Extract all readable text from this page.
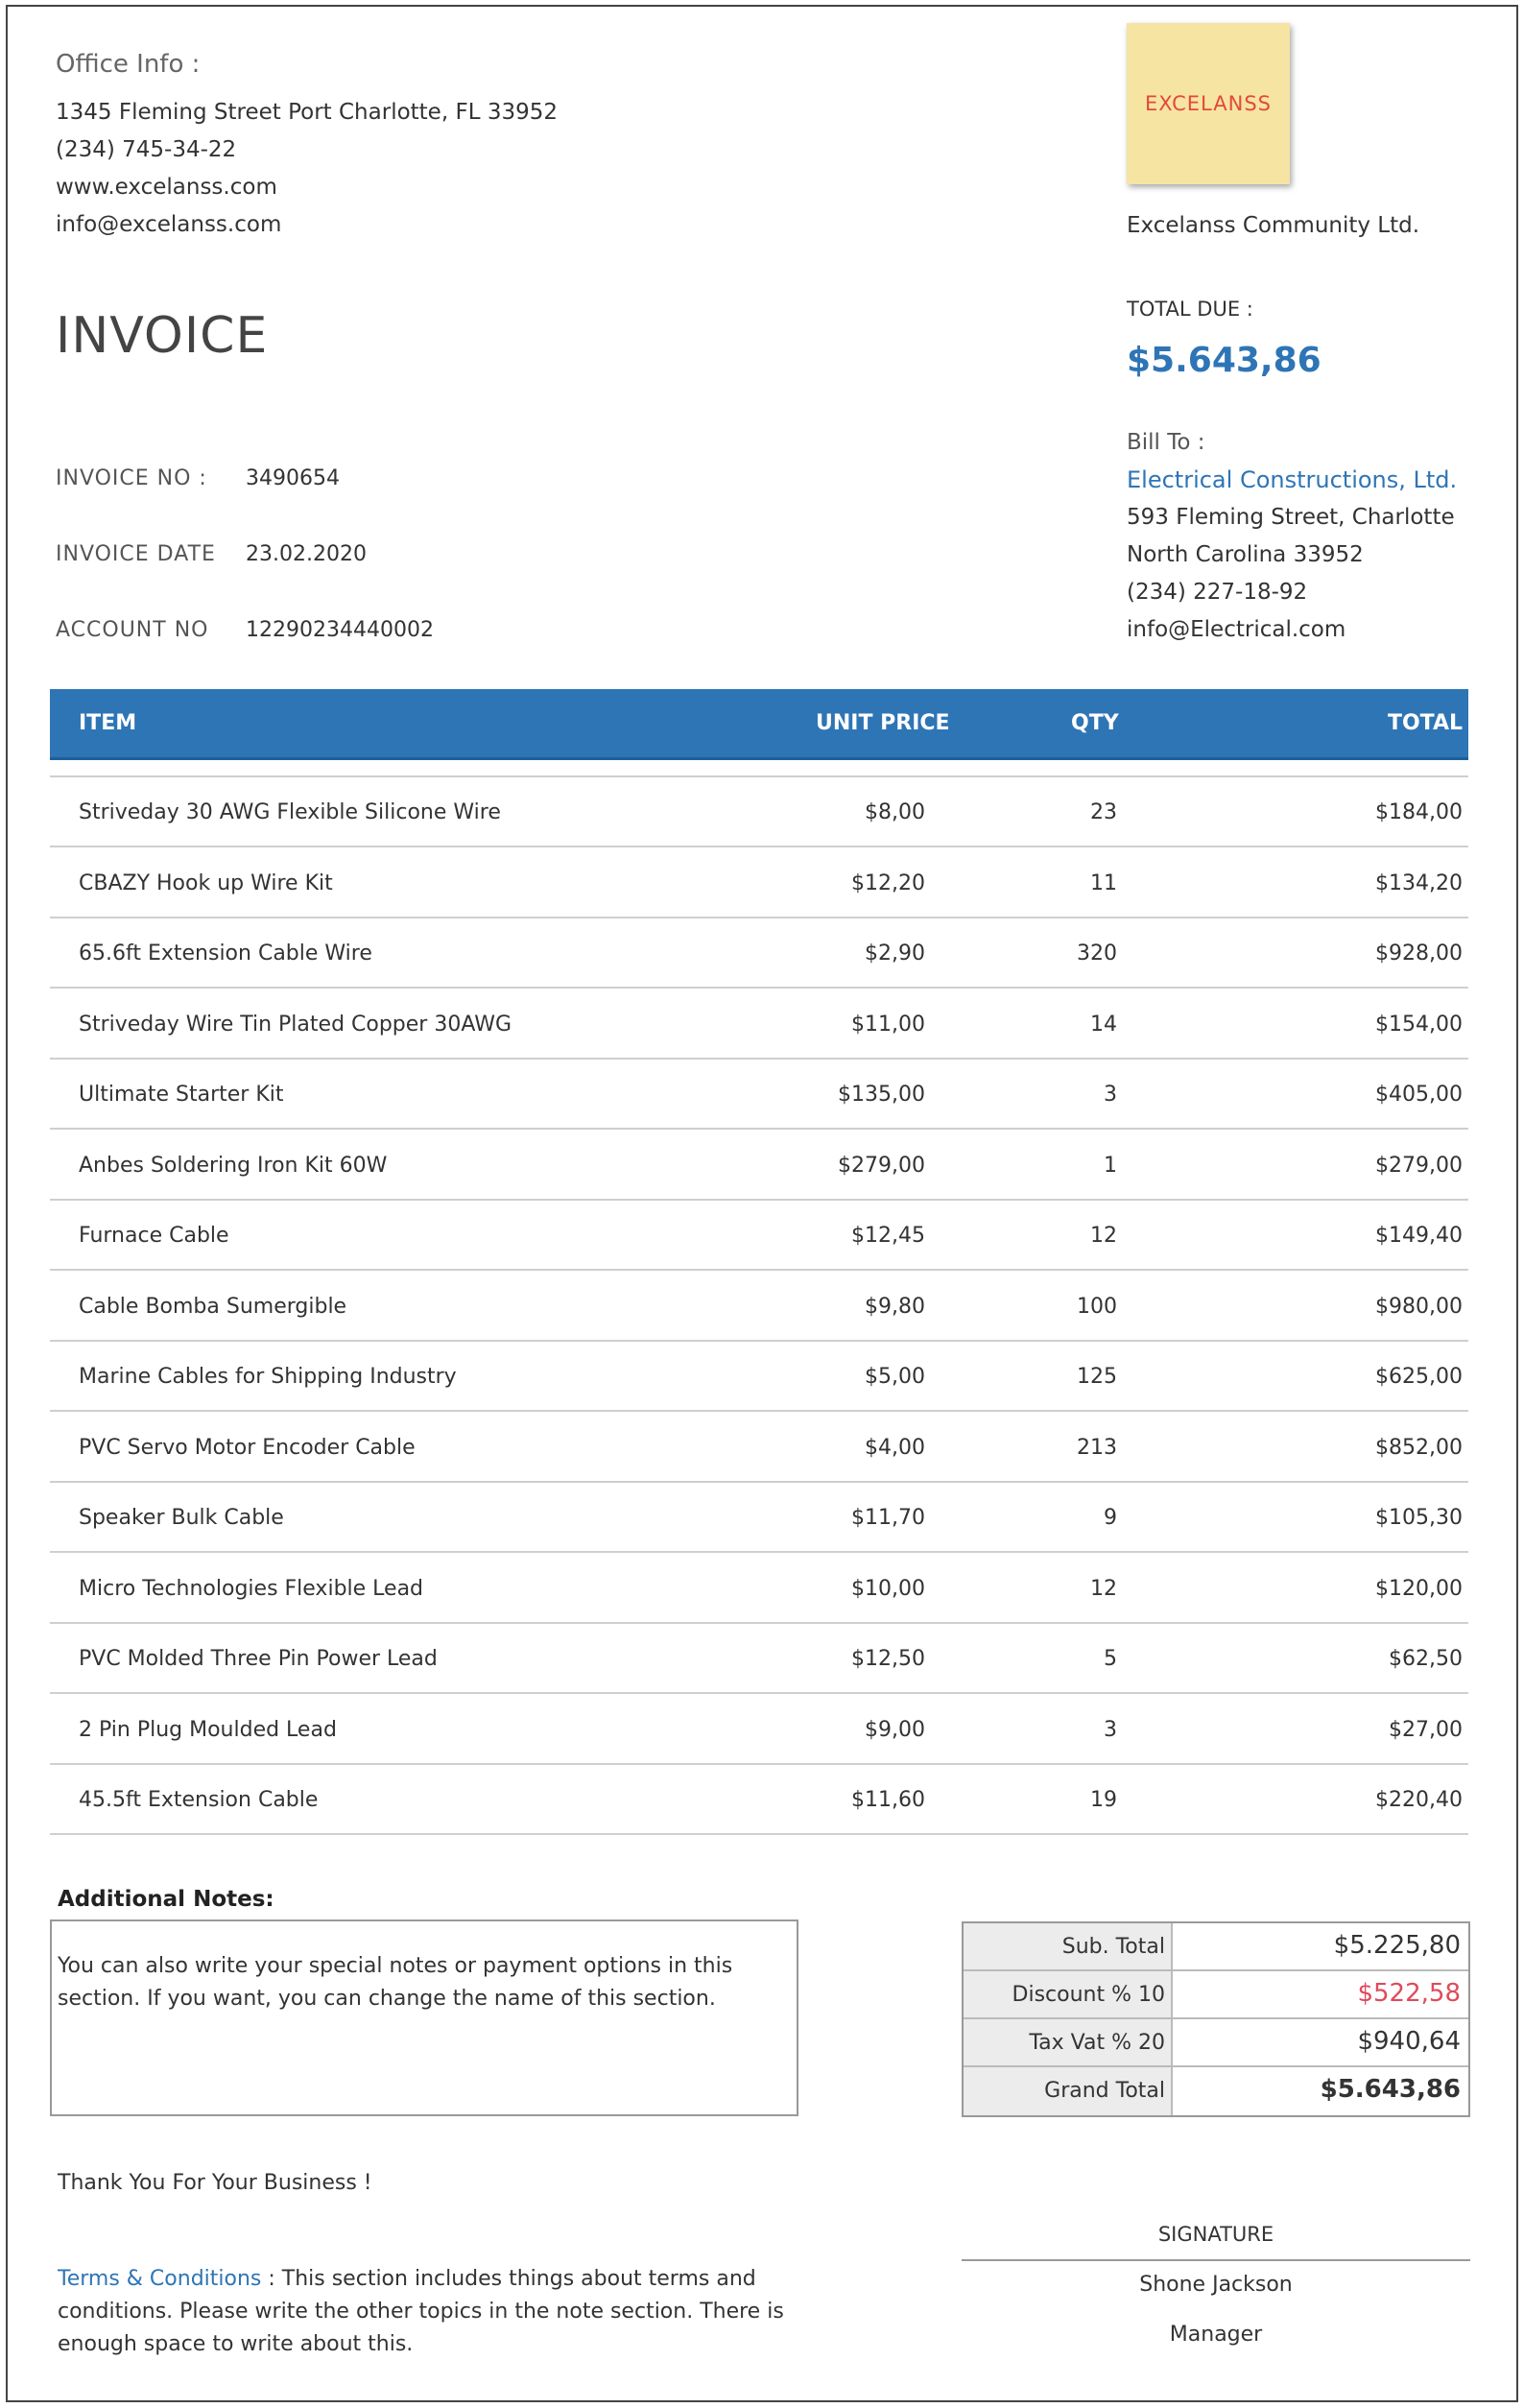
Office Info :
1345 Fleming Street Port Charlotte, FL 33952
(234) 745-34-22
www.excelanss.com
info@excelanss.com
EXCELANSS
Excelanss Community Ltd.
INVOICE	TOTAL DUE :
$5.643,86
INVOICE NO : 3490654
INVOICE DATE 23.02.2020
ACCOUNT NO 12290234440002
Bill To :
Electrical Constructions, Ltd.
593 Fleming Street, Charlotte
North Carolina 33952
(234) 227-18-92
info@Electrical.com
ITEM	UNIT PRICE	QTY	TOTAL
Striveday 30 AWG Flexible Silicone Wire	$8,00	23	$184,00
CBAZY Hook up Wire Kit	$12,20	11	$134,20
65.6ft Extension Cable Wire	$2,90	320	$928,00
Striveday Wire Tin Plated Copper 30AWG	$11,00	14	$154,00
Ultimate Starter Kit	$135,00	3	$405,00
Anbes Soldering Iron Kit 60W	$279,00	1	$279,00
Furnace Cable	$12,45	12	$149,40
Cable Bomba Sumergible	$9,80	100	$980,00
Marine Cables for Shipping Industry	$5,00	125	$625,00
PVC Servo Motor Encoder Cable	$4,00	213	$852,00
Speaker Bulk Cable	$11,70	9	$105,30
Micro Technologies Flexible Lead	$10,00	12	$120,00
PVC Molded Three Pin Power Lead	$12,50	5	$62,50
2 Pin Plug Moulded Lead	$9,00	3	$27,00
45.5ft Extension Cable	$11,60	19	$220,40
Additional Notes:
You can also write your special notes or payment options in this section. If you want, you can change the name of this section.
Sub. Total	$5.225,80
Discount % 10	$522,58
Tax Vat % 20	$940,64
Grand Total	$5.643,86
Thank You For Your Business !
Terms & Conditions : This section includes things about terms and conditions. Please write the other topics in the note section. There is enough space to write about this.
SIGNATURE
Shone Jackson
Manager
